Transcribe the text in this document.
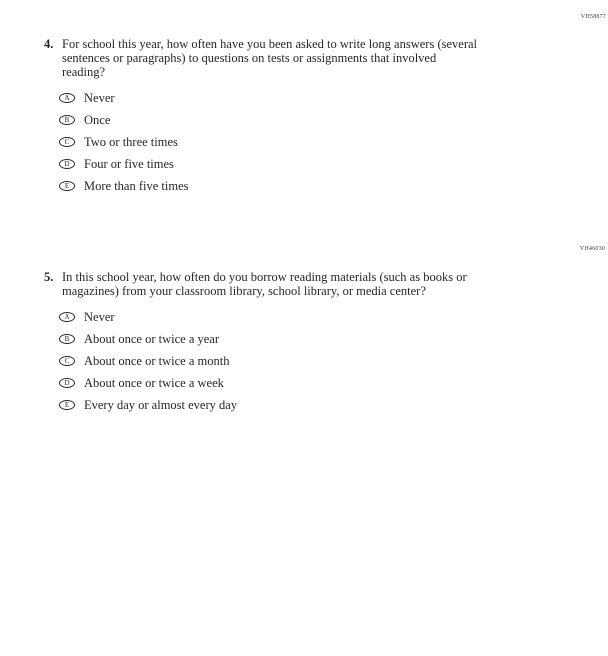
VH58877
4. For school this year, how often have you been asked to write long answers (several
sentences or paragraphs) to questions on tests or assignments that involved
reading?
A	Never
B	Once
C	Two or three times
D	Four or five times
E	More than five times
VH46030
5. In this school year, how often do you borrow reading materials (such as books or
magazines) from your classroom library, school library, or media center?
A	Never
B	About once or twice a year
C	About once or twice a month
D	About once or twice a week
E	Every day or almost every day
